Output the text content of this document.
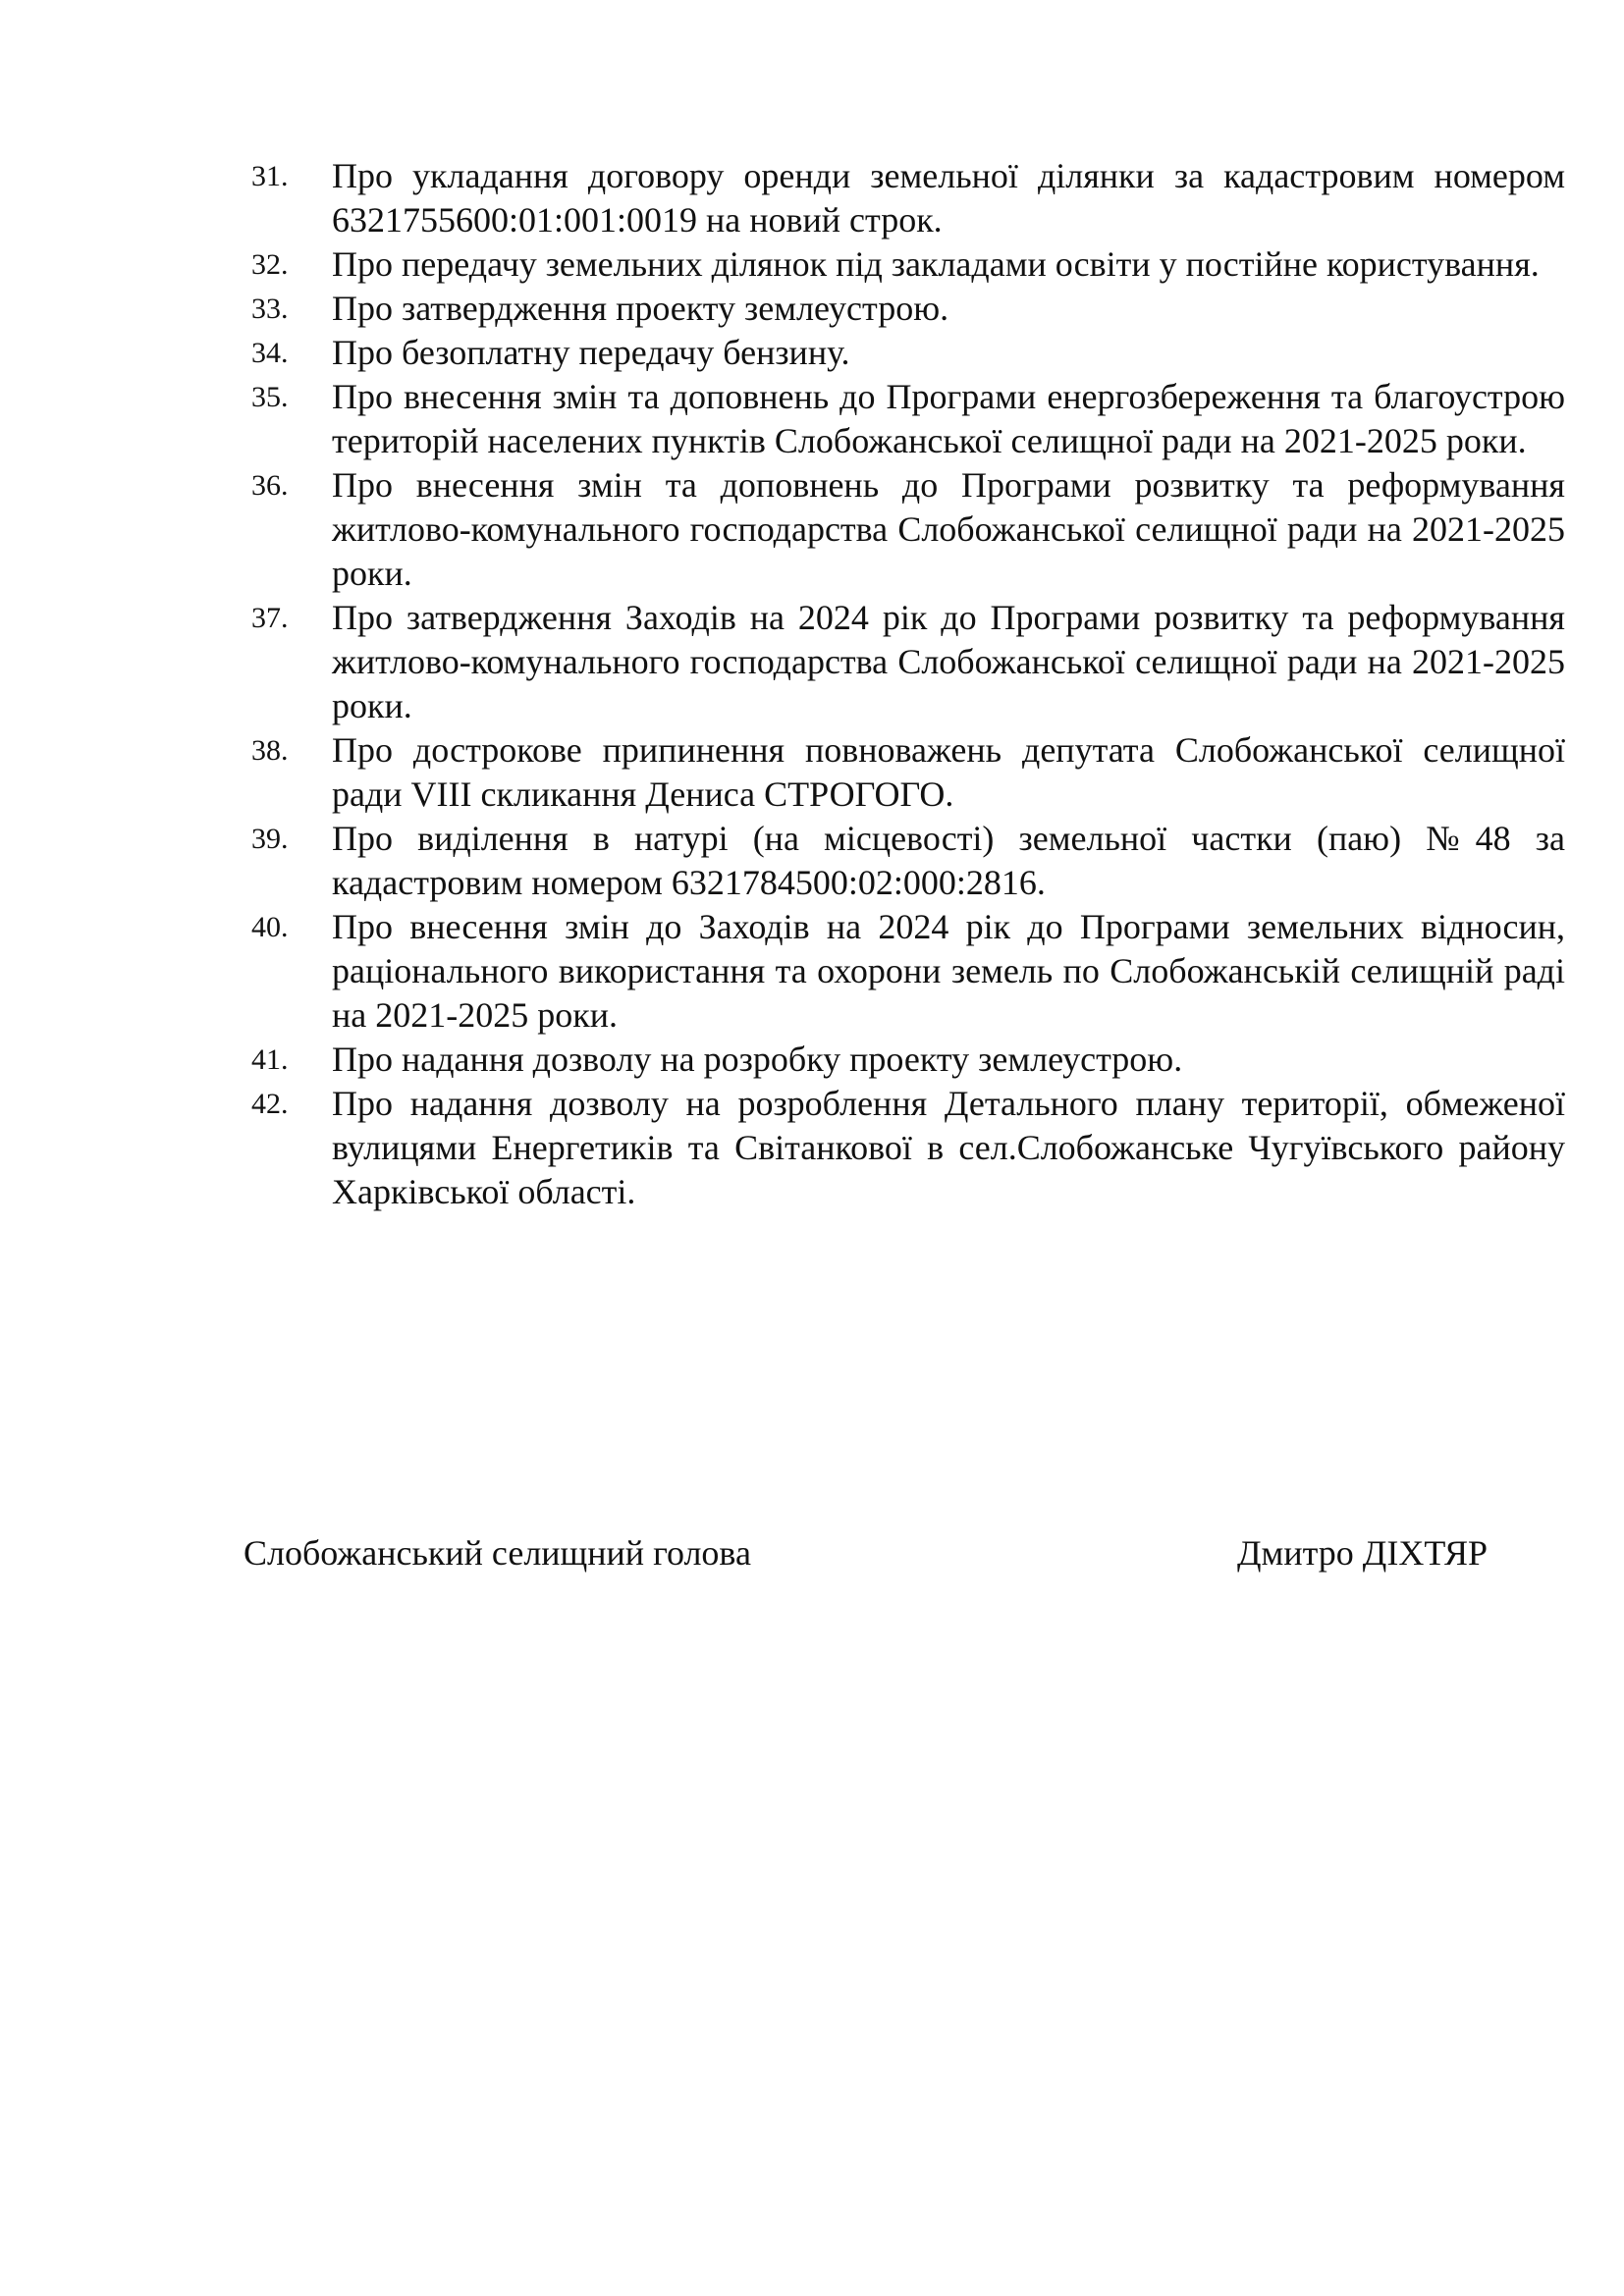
31. Про укладання договору оренди земельної ділянки за кадастровим номером 6321755600:01:001:0019 на новий строк.
32. Про передачу земельних ділянок під закладами освіти у постійне користування.
33. Про затвердження проекту землеустрою.
34. Про безоплатну передачу бензину.
35. Про внесення змін та доповнень до Програми енергозбереження та благоустрою територій населених пунктів Слобожанської селищної ради на 2021-2025 роки.
36. Про внесення змін та доповнень до Програми розвитку та реформування житлово-комунального господарства Слобожанської селищної ради на 2021-2025 роки.
37. Про затвердження Заходів на 2024 рік до Програми розвитку та реформування житлово-комунального господарства Слобожанської селищної ради на 2021-2025 роки.
38. Про дострокове припинення повноважень депутата Слобожанської селищної ради VIII скликання Дениса СТРОГОГО.
39. Про виділення в натурі (на місцевості) земельної частки (паю) №48 за кадастровим номером 6321784500:02:000:2816.
40. Про внесення змін до Заходів на 2024 рік до Програми земельних відносин, раціонального використання та охорони земель по Слобожанській селищній раді на 2021-2025 роки.
41. Про надання дозволу на розробку проекту землеустрою.
42. Про надання дозволу на розроблення Детального плану території, обмеженої вулицями Енергетиків та Світанкової в сел.Слобожанське Чугуївського району Харківської області.
Слобожанський селищний голова	Дмитро ДІХТЯР
